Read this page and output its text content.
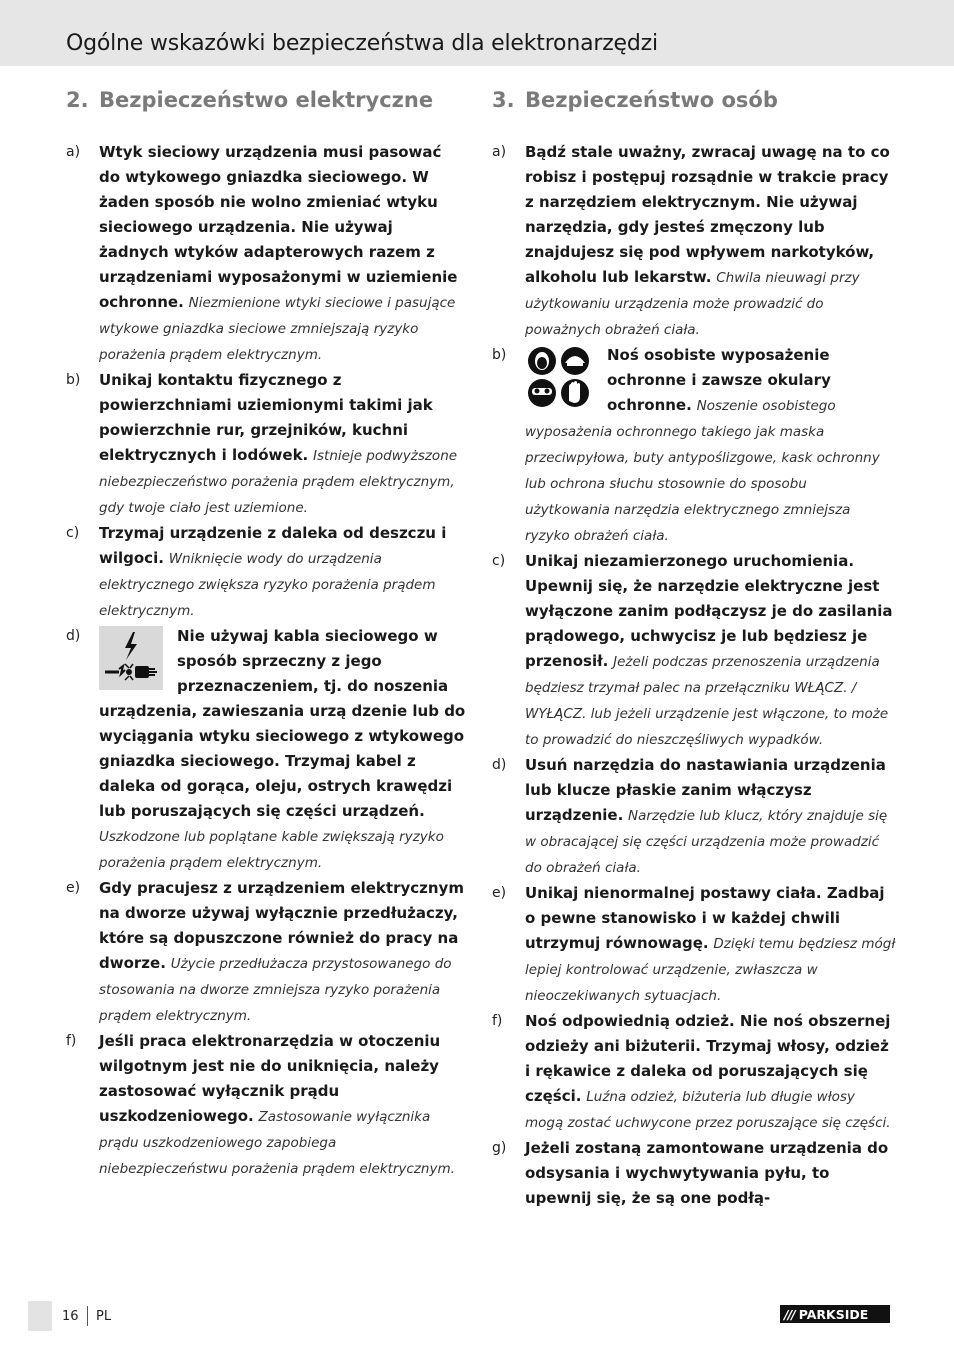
Ogólne wskazówki bezpieczeństwa dla elektronarzędzi
2. Bezpieczeństwo elektryczne
a)	Wtyk sieciowy urządzenia musi pasować do wtykowego gniazdka sieciowego. W żaden sposób nie wolno zmieniać wtyku sieciowego urządzenia. Nie używaj żadnych wtyków adapterowych razem z urządzeniami wyposażonymi w uziemienie ochronne. Niezmienione wtyki sieciowe i pasujące wtykowe gniazdka sieciowe zmniejszają ryzyko porażenia prądem elektrycznym.
b)	Unikaj kontaktu fizycznego z powierzchniami uziemionymi takimi jak powierzchnie rur, grzejników, kuchni elektrycznych i lodówek. Istnieje podwyższone niebezpieczeństwo porażenia prądem elektrycznym, gdy twoje ciało jest uziemione.
c)	Trzymaj urządzenie z daleka od deszczu i wilgoci. Wniknięcie wody do urządzenia elektrycznego zwiększa ryzyko porażenia prądem elektrycznym.
d)	Nie używaj kabla sieciowego w sposób sprzeczny z jego przeznaczeniem, tj. do noszenia urządzenia, zawieszania urzą dzenie lub do wyciągania wtyku sieciowego z wtykowego gniazdka sieciowego. Trzymaj kabel z daleka od gorąca, oleju, ostrych krawędzi lub poruszających się części urządzeń. Uszkodzone lub poplątane kable zwiększają ryzyko porażenia prądem elektrycznym.
e)	Gdy pracujesz z urządzeniem elektrycznym na dworze używaj wyłącznie przedłużaczy, które są dopuszczone również do pracy na dworze. Użycie przedłużacza przystosowanego do stosowania na dworze zmniejsza ryzyko porażenia prądem elektrycznym.
f)	Jeśli praca elektronarzędzia w otoczeniu wilgotnym jest nie do uniknięcia, należy zastosować wyłącznik prądu uszkodzeniowego. Zastosowanie wyłącznika prądu uszkodzeniowego zapobiega niebezpieczeństwu porażenia prądem elektrycznym.
3. Bezpieczeństwo osób
a)	Bądź stale uważny, zwracaj uwagę na to co robisz i postępuj rozsądnie w trakcie pracy z narzędziem elektrycznym. Nie używaj narzędzia, gdy jesteś zmęczony lub znajdujesz się pod wpływem narkotyków, alkoholu lub lekarstw. Chwila nieuwagi przy użytkowaniu urządzenia może prowadzić do poważnych obrażeń ciała.
b)	Noś osobiste wyposażenie ochronne i zawsze okulary ochronne. Noszenie osobistego wyposażenia ochronnego takiego jak maska przeciwpyłowa, buty antypoślizgowe, kask ochronny lub ochrona słuchu stosownie do sposobu użytkowania narzędzia elektrycznego zmniejsza ryzyko obrażeń ciała.
c)	Unikaj niezamierzonego uruchomienia. Upewnij się, że narzędzie elektryczne jest wyłączone zanim podłączysz je do zasilania prądowego, uchwycisz je lub będziesz je przenosił. Jeżeli podczas przenoszenia urządzenia będziesz trzymał palec na przełączniku WŁĄCZ. / WYŁĄCZ. lub jeżeli urządzenie jest włączone, to może to prowadzić do nieszczęśliwych wypadków.
d)	Usuń narzędzia do nastawiania urządzenia lub klucze płaskie zanim włączysz urządzenie. Narzędzie lub klucz, który znajduje się w obracającej się części urządzenia może prowadzić do obrażeń ciała.
e)	Unikaj nienormalnej postawy ciała. Zadbaj o pewne stanowisko i w każdej chwili utrzymuj równowagę. Dzięki temu będziesz mógł lepiej kontrolować urządzenie, zwłaszcza w nieoczekiwanych sytuacjach.
f)	Noś odpowiednią odzież. Nie noś obszernej odzieży ani biżuterii. Trzymaj włosy, odzież i rękawice z daleka od poruszających się części. Luźna odzież, biżuteria lub długie włosy mogą zostać uchwycone przez poruszające się części.
g)	Jeżeli zostaną zamontowane urządzenia do odsysania i wychwytywania pyłu, to upewnij się, że są one podłą-
16 PL	/// PARKSIDE
